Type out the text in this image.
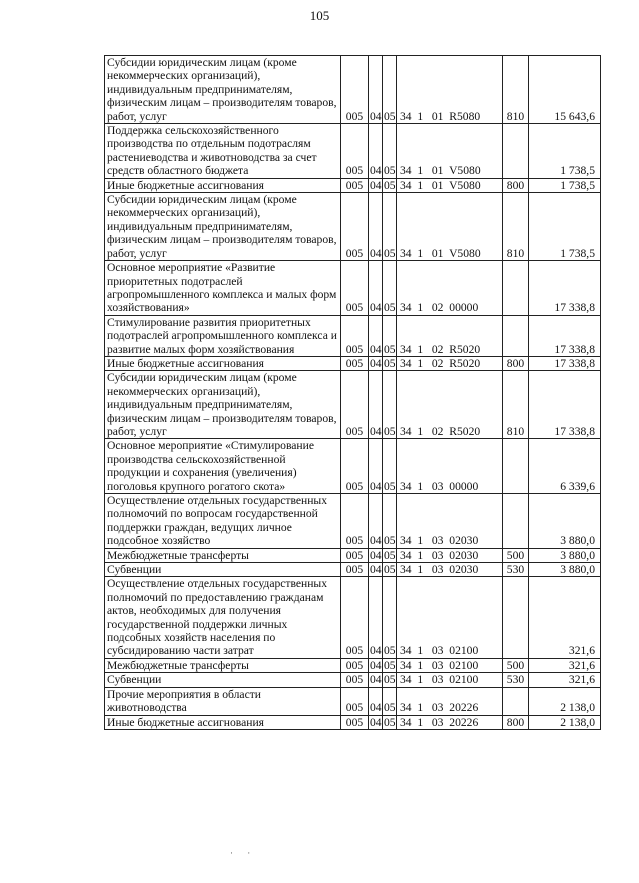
105
Субсидии юридическим лицам (кроме некоммерческих организаций), индивидуальным предпринимателям, физическим лицам – производителям товаров, работ, услуг	005	04	05	34  1   01  R5080	810	15 643,6
Поддержка сельскохозяйственного производства по отдельным подотраслям растениеводства и животноводства за счет средств областного бюджета	005	04	05	34  1   01  V5080		1 738,5
Иные бюджетные ассигнования	005	04	05	34  1   01  V5080	800	1 738,5
Субсидии юридическим лицам (кроме некоммерческих организаций), индивидуальным предпринимателям, физическим лицам – производителям товаров, работ, услуг	005	04	05	34  1   01  V5080	810	1 738,5
Основное мероприятие «Развитие приоритетных подотраслей агропромышленного комплекса и малых форм хозяйствования»	005	04	05	34  1   02  00000		17 338,8
Стимулирование развития приоритетных подотраслей агропромышленного комплекса и развитие малых форм хозяйствования	005	04	05	34  1   02  R5020		17 338,8
Иные бюджетные ассигнования	005	04	05	34  1   02  R5020	800	17 338,8
Субсидии юридическим лицам (кроме некоммерческих организаций), индивидуальным предпринимателям, физическим лицам – производителям товаров, работ, услуг	005	04	05	34  1   02  R5020	810	17 338,8
Основное мероприятие «Стимулирование производства сельскохозяйственной продукции и сохранения (увеличения) поголовья крупного рогатого скота»	005	04	05	34  1   03  00000		6 339,6
Осуществление отдельных государственных полномочий по вопросам государственной поддержки граждан, ведущих личное подсобное хозяйство	005	04	05	34  1   03  02030		3 880,0
Межбюджетные трансферты	005	04	05	34  1   03  02030	500	3 880,0
Субвенции	005	04	05	34  1   03  02030	530	3 880,0
Осуществление отдельных государственных полномочий по предоставлению гражданам актов, необходимых для получения государственной поддержки личных подсобных хозяйств населения по субсидированию части затрат	005	04	05	34  1   03  02100		321,6
Межбюджетные трансферты	005	04	05	34  1   03  02100	500	321,6
Субвенции	005	04	05	34  1   03  02100	530	321,6
Прочие мероприятия в области животноводства	005	04	05	34  1   03  20226		2 138,0
Иные бюджетные ассигнования	005	04	05	34  1   03  20226	800	2 138,0
· ·
